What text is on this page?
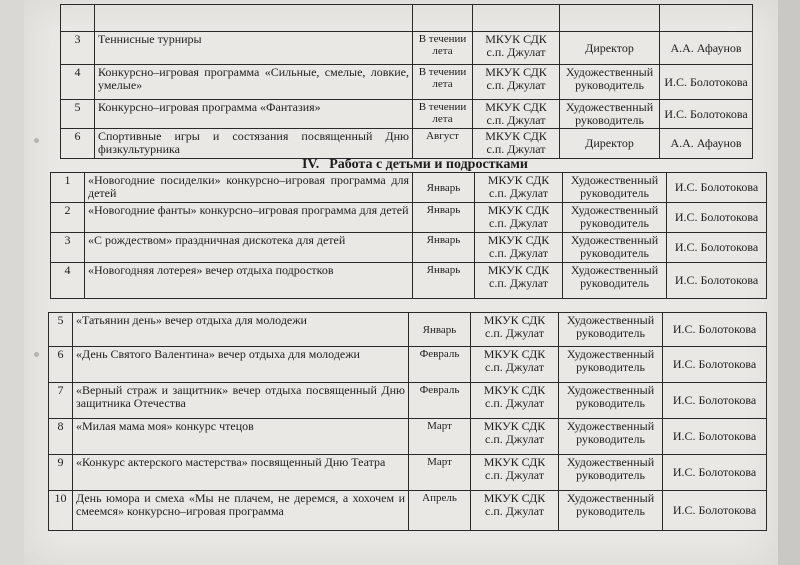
3	Теннисные турниры	В течении лета	МКУК СДК с.п. Джулат	Директор	А.А. Афаунов
4	Конкурсно–игровая программа «Сильные, смелые, ловкие, умелые»	В течении лета	МКУК СДК с.п. Джулат	Художественный руководитель	И.С. Болотокова
5	Конкурсно–игровая программа «Фантазия»	В течении лета	МКУК СДК с.п. Джулат	Художественный руководитель	И.С. Болотокова
6	Спортивные игры и состязания посвященный Дню физкультурника	Август	МКУК СДК с.п. Джулат	Директор	А.А. Афаунов
IV. Работа с детьми и подростками
1	«Новогодние посиделки» конкурсно–игровая программа для детей	Январь	МКУК СДК с.п. Джулат	Художественный руководитель	И.С. Болотокова
2	«Новогодние фанты» конкурсно–игровая программа для детей	Январь	МКУК СДК с.п. Джулат	Художественный руководитель	И.С. Болотокова
3	«С рождеством» праздничная дискотека для детей	Январь	МКУК СДК с.п. Джулат	Художественный руководитель	И.С. Болотокова
4	«Новогодняя лотерея» вечер отдыха подростков	Январь	МКУК СДК с.п. Джулат	Художественный руководитель	И.С. Болотокова
5	«Татьянин день» вечер отдыха для молодежи	Январь	МКУК СДК с.п. Джулат	Художественный руководитель	И.С. Болотокова
6	«День Святого Валентина» вечер отдыха для молодежи	Февраль	МКУК СДК с.п. Джулат	Художественный руководитель	И.С. Болотокова
7	«Верный страж и защитник» вечер отдыха посвященный Дню защитника Отечества	Февраль	МКУК СДК с.п. Джулат	Художественный руководитель	И.С. Болотокова
8	«Милая мама моя» конкурс чтецов	Март	МКУК СДК с.п. Джулат	Художественный руководитель	И.С. Болотокова
9	«Конкурс актерского мастерства» посвященный Дню Театра	Март	МКУК СДК с.п. Джулат	Художественный руководитель	И.С. Болотокова
10	День юмора и смеха «Мы не плачем, не деремся, а хохочем и смеемся» конкурсно–игровая программа	Апрель	МКУК СДК с.п. Джулат	Художественный руководитель	И.С. Болотокова
